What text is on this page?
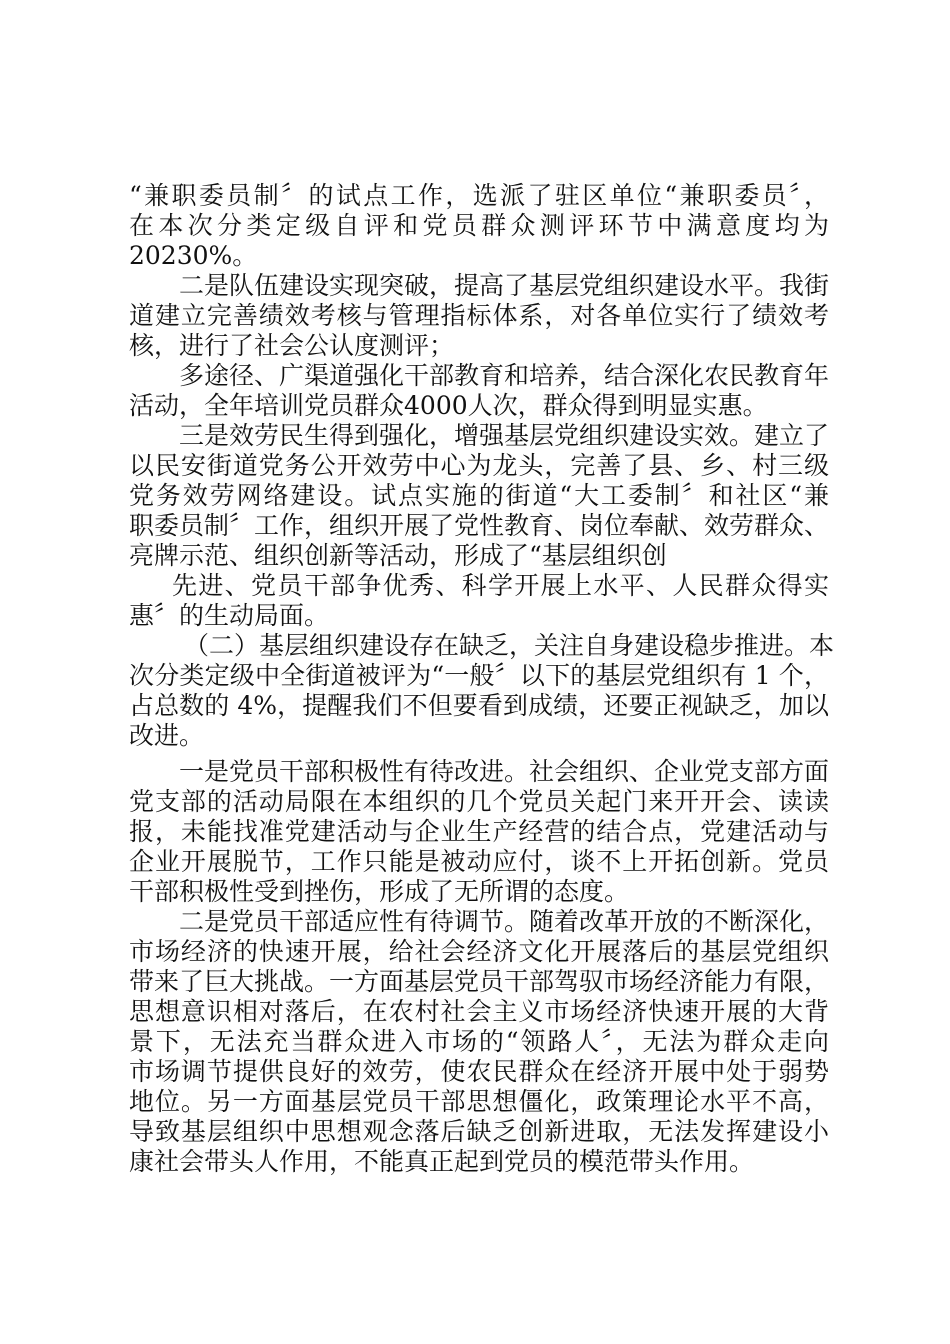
“兼职委员制〞的试点工作，选派了驻区单位“兼职委员〞，

在本次分类定级自评和党员群众测评环节中满意度均为

20230%。

二是队伍建设实现突破，提高了基层党组织建设水平。我街

道建立完善绩效考核与管理指标体系，对各单位实行了绩效考

核，进行了社会公认度测评；

多途径、广渠道强化干部教育和培养，结合深化农民教育年

活动，全年培训党员群众4000人次，群众得到明显实惠。

三是效劳民生得到强化，增强基层党组织建设实效。建立了

以民安街道党务公开效劳中心为龙头，完善了县、乡、村三级

党务效劳网络建设。试点实施的街道“大工委制〞和社区“兼

职委员制〞工作，组织开展了党性教育、岗位奉献、效劳群众、

亮牌示范、组织创新等活动，形成了“基层组织创

先进、党员干部争优秀、科学开展上水平、人民群众得实

惠〞的生动局面。

（二）基层组织建设存在缺乏，关注自身建设稳步推进。本

次分类定级中全街道被评为“一般〞以下的基层党组织有 1 个，

占总数的 4%，提醒我们不但要看到成绩，还要正视缺乏，加以

改进。

一是党员干部积极性有待改进。社会组织、企业党支部方面

党支部的活动局限在本组织的几个党员关起门来开开会、读读

报，未能找准党建活动与企业生产经营的结合点，党建活动与

企业开展脱节，工作只能是被动应付，谈不上开拓创新。党员

干部积极性受到挫伤，形成了无所谓的态度。

二是党员干部适应性有待调节。随着改革开放的不断深化，

市场经济的快速开展，给社会经济文化开展落后的基层党组织

带来了巨大挑战。一方面基层党员干部驾驭市场经济能力有限，

思想意识相对落后，在农村社会主义市场经济快速开展的大背

景下，无法充当群众进入市场的“领路人〞，无法为群众走向

市场调节提供良好的效劳，使农民群众在经济开展中处于弱势

地位。另一方面基层党员干部思想僵化，政策理论水平不高，

导致基层组织中思想观念落后缺乏创新进取，无法发挥建设小

康社会带头人作用，不能真正起到党员的模范带头作用。
